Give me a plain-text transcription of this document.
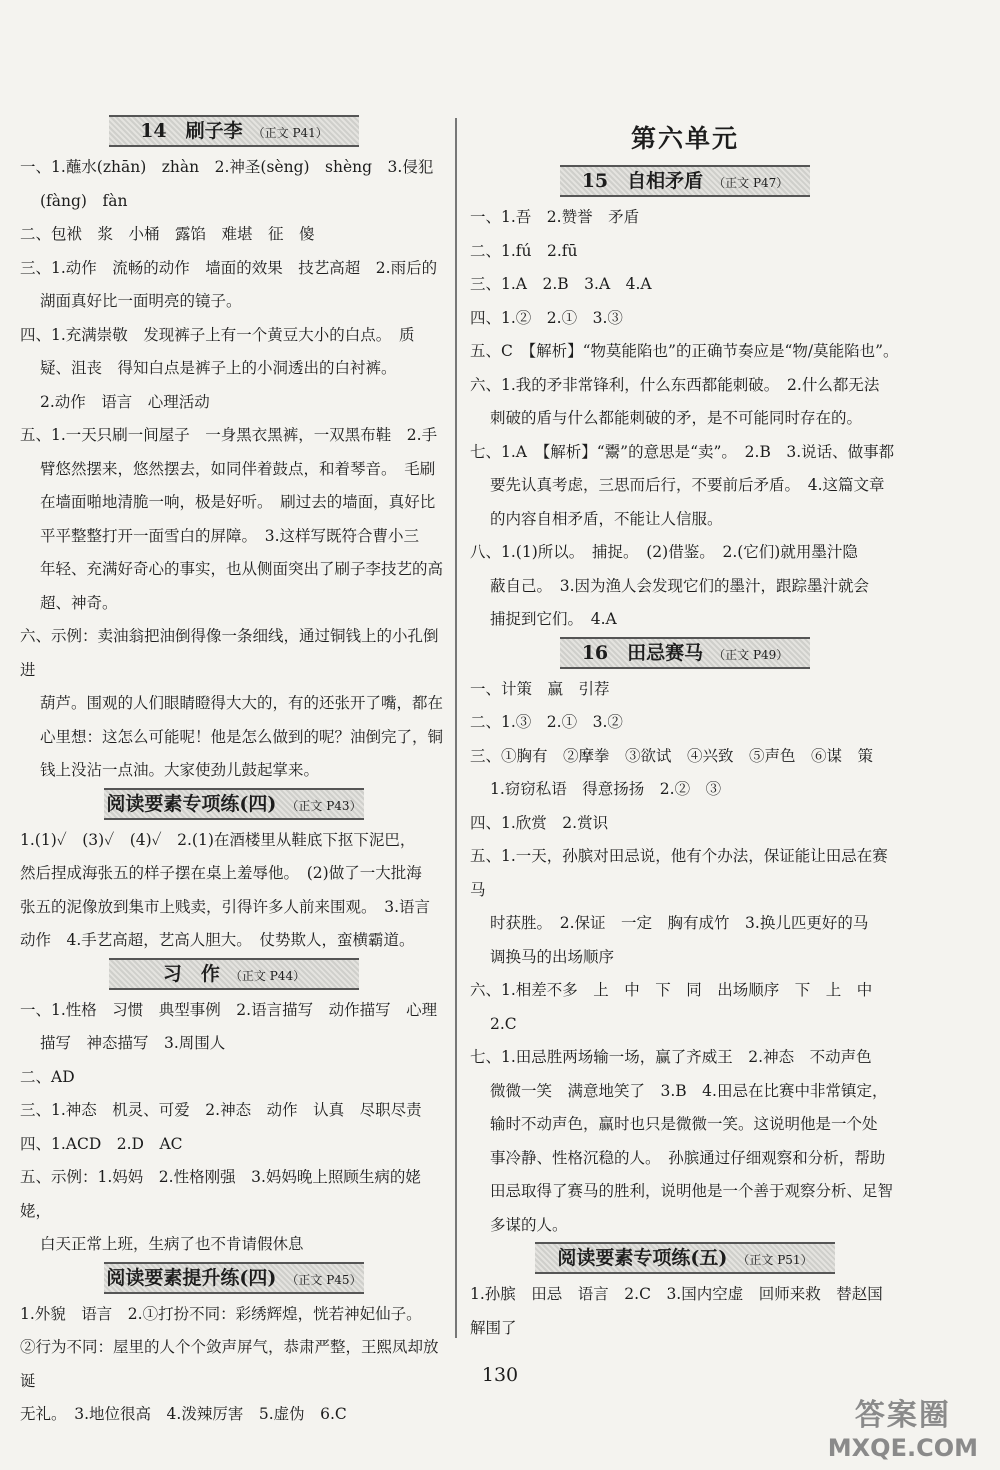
14　刷子李 （正文 P41）

一、1.蘸水(zhān)　zhàn　2.神圣(sèng)　shèng　3.侵犯

(fàng)　fàn

二、包袱　浆　小桶　露馅　难堪　征　傻

三、1.动作　流畅的动作　墙面的效果　技艺高超　2.雨后的

湖面真好比一面明亮的镜子。

四、1.充满崇敬　发现裤子上有一个黄豆大小的白点。　质

疑、沮丧　得知白点是裤子上的小洞透出的白衬裤。

2.动作　语言　心理活动

五、1.一天只刷一间屋子　一身黑衣黑裤，一双黑布鞋　2.手

臂悠然摆来，悠然摆去，如同伴着鼓点，和着琴音。　毛刷

在墙面啪地清脆一响，极是好听。　刷过去的墙面，真好比

平平整整打开一面雪白的屏障。　3.这样写既符合曹小三

年轻、充满好奇心的事实，也从侧面突出了刷子李技艺的高

超、神奇。

六、示例：卖油翁把油倒得像一条细线，通过铜钱上的小孔倒进

葫芦。围观的人们眼睛瞪得大大的，有的还张开了嘴，都在

心里想：这怎么可能呢！他是怎么做到的呢？油倒完了，铜

钱上没沾一点油。大家使劲儿鼓起掌来。

阅读要素专项练(四) （正文 P43）

1.(1)✓　(3)✓　(4)✓　2.(1)在酒楼里从鞋底下抠下泥巴，

然后捏成海张五的样子摆在桌上羞辱他。　(2)做了一大批海

张五的泥像放到集市上贱卖，引得许多人前来围观。　3.语言

动作　4.手艺高超，艺高人胆大。　仗势欺人，蛮横霸道。

习　作 （正文 P44）

一、1.性格　习惯　典型事例　2.语言描写　动作描写　心理

描写　神态描写　3.周围人

二、AD

三、1.神态　机灵、可爱　2.神态　动作　认真　尽职尽责

四、1.ACD　2.D　AC

五、示例：1.妈妈　2.性格刚强　3.妈妈晚上照顾生病的姥姥，

白天正常上班，生病了也不肯请假休息

阅读要素提升练(四) （正文 P45）

1.外貌　语言　2.①打扮不同：彩绣辉煌，恍若神妃仙子。

②行为不同：屋里的人个个敛声屏气，恭肃严整，王熙凤却放诞

无礼。　3.地位很高　4.泼辣厉害　5.虚伪　6.C

第六单元
15　自相矛盾 （正文 P47）

一、1.吾　2.赞誉　矛盾

二、1.fú　2.fū

三、1.A　2.B　3.A　4.A

四、1.②　2.①　3.③

五、C　【解析】“物莫能陷也”的正确节奏应是“物/莫能陷也”。

六、1.我的矛非常锋利，什么东西都能刺破。　2.什么都无法

刺破的盾与什么都能刺破的矛，是不可能同时存在的。

七、1.A　【解析】“鬻”的意思是“卖”。　2.B　3.说话、做事都

要先认真考虑，三思而后行，不要前后矛盾。　4.这篇文章

的内容自相矛盾，不能让人信服。

八、1.(1)所以。　捕捉。　(2)借鉴。　2.(它们)就用墨汁隐

蔽自己。　3.因为渔人会发现它们的墨汁，跟踪墨汁就会

捕捉到它们。　4.A

16　田忌赛马 （正文 P49）

一、计策　赢　引荐

二、1.③　2.①　3.②

三、①胸有　②摩拳　③欲试　④兴致　⑤声色　⑥谋　策

1.窃窃私语　得意扬扬　2.②　③

四、1.欣赏　2.赏识

五、1.一天，孙膑对田忌说，他有个办法，保证能让田忌在赛马

时获胜。　2.保证　一定　胸有成竹　3.换儿匹更好的马

调换马的出场顺序

六、1.相差不多　上　中　下　同　出场顺序　下　上　中

2.C

七、1.田忌胜两场输一场，赢了齐威王　2.神态　不动声色

微微一笑　满意地笑了　3.B　4.田忌在比赛中非常镇定，

输时不动声色，赢时也只是微微一笑。这说明他是一个处

事冷静、性格沉稳的人。　孙膑通过仔细观察和分析，帮助

田忌取得了赛马的胜利，说明他是一个善于观察分析、足智

多谋的人。

阅读要素专项练(五) （正文 P51）

1.孙膑　田忌　语言　2.C　3.国内空虚　回师来救　替赵国

解围了

130
答案圈
MXQE.COM
